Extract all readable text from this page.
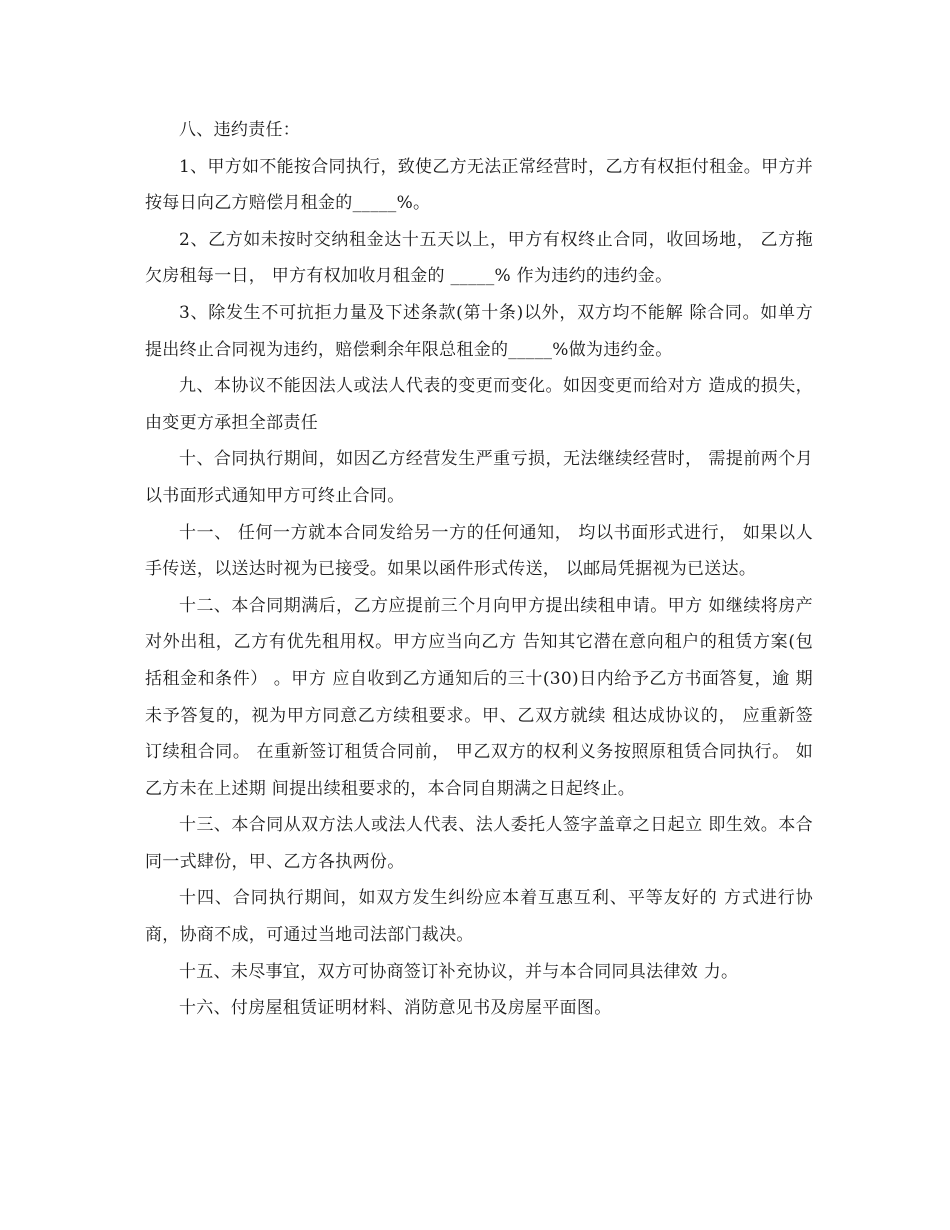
八、违约责任：

1、甲方如不能按合同执行，致使乙方无法正常经营时，乙方有权拒付租金。甲方并按每日向乙方赔偿月租金的_____%。

2、乙方如未按时交纳租金达十五天以上，甲方有权终止合同，收回场地， 乙方拖欠房租每一日， 甲方有权加收月租金的 _____% 作为违约的违约金。

3、除发生不可抗拒力量及下述条款(第十条)以外，双方均不能解 除合同。如单方提出终止合同视为违约，赔偿剩余年限总租金的_____%做为违约金。

九、本协议不能因法人或法人代表的变更而变化。如因变更而给对方 造成的损失，由变更方承担全部责任

十、合同执行期间，如因乙方经营发生严重亏损，无法继续经营时， 需提前两个月以书面形式通知甲方可终止合同。

十一、 任何一方就本合同发给另一方的任何通知， 均以书面形式进行， 如果以人手传送，以送达时视为已接受。如果以函件形式传送， 以邮局凭据视为已送达。

十二、本合同期满后，乙方应提前三个月向甲方提出续租申请。甲方 如继续将房产对外出租，乙方有优先租用权。甲方应当向乙方 告知其它潜在意向租户的租赁方案(包括租金和条件） 。甲方 应自收到乙方通知后的三十(30)日内给予乙方书面答复，逾 期未予答复的，视为甲方同意乙方续租要求。甲、乙双方就续 租达成协议的， 应重新签订续租合同。 在重新签订租赁合同前， 甲乙双方的权利义务按照原租赁合同执行。 如乙方未在上述期 间提出续租要求的，本合同自期满之日起终止。

十三、本合同从双方法人或法人代表、法人委托人签字盖章之日起立 即生效。本合同一式肆份，甲、乙方各执两份。

十四、合同执行期间，如双方发生纠纷应本着互惠互利、平等友好的 方式进行协商，协商不成，可通过当地司法部门裁决。

十五、未尽事宜，双方可协商签订补充协议，并与本合同同具法律效 力。

十六、付房屋租赁证明材料、消防意见书及房屋平面图。
